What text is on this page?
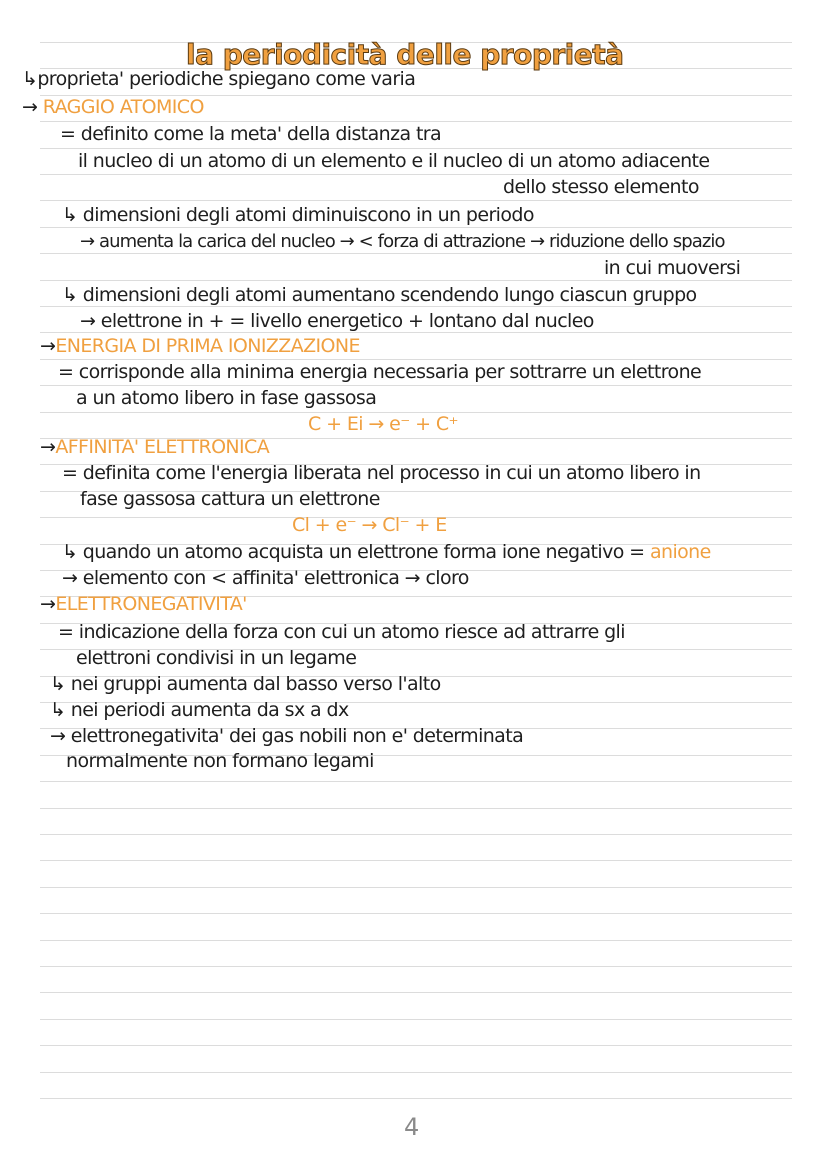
la periodicità delle proprietà
↳proprieta' periodiche spiegano come varia
→ RAGGIO ATOMICO
= definito come la meta' della distanza tra
il nucleo di un atomo di un elemento e il nucleo di un atomo adiacente
dello stesso elemento
↳ dimensioni degli atomi diminuiscono in un periodo
→ aumenta la carica del nucleo → < forza di attrazione → riduzione dello spazio
in cui muoversi
↳ dimensioni degli atomi aumentano scendendo lungo ciascun gruppo
→ elettrone in + = livello energetico + lontano dal nucleo
→ENERGIA DI PRIMA IONIZZAZIONE
= corrisponde alla minima energia necessaria per sottrarre un elettrone
a un atomo libero in fase gassosa
C + Ei → e⁻ + C⁺
→AFFINITA' ELETTRONICA
= definita come l'energia liberata nel processo in cui un atomo libero in
fase gassosa cattura un elettrone
Cl + e⁻ → Cl⁻ + E
↳ quando un atomo acquista un elettrone forma ione negativo = anione
→ elemento con < affinita' elettronica → cloro
→ELETTRONEGATIVITA'
= indicazione della forza con cui un atomo riesce ad attrarre gli
elettroni condivisi in un legame
↳ nei gruppi aumenta dal basso verso l'alto
↳ nei periodi aumenta da sx a dx
→ elettronegativita' dei gas nobili non e' determinata
normalmente non formano legami
4
